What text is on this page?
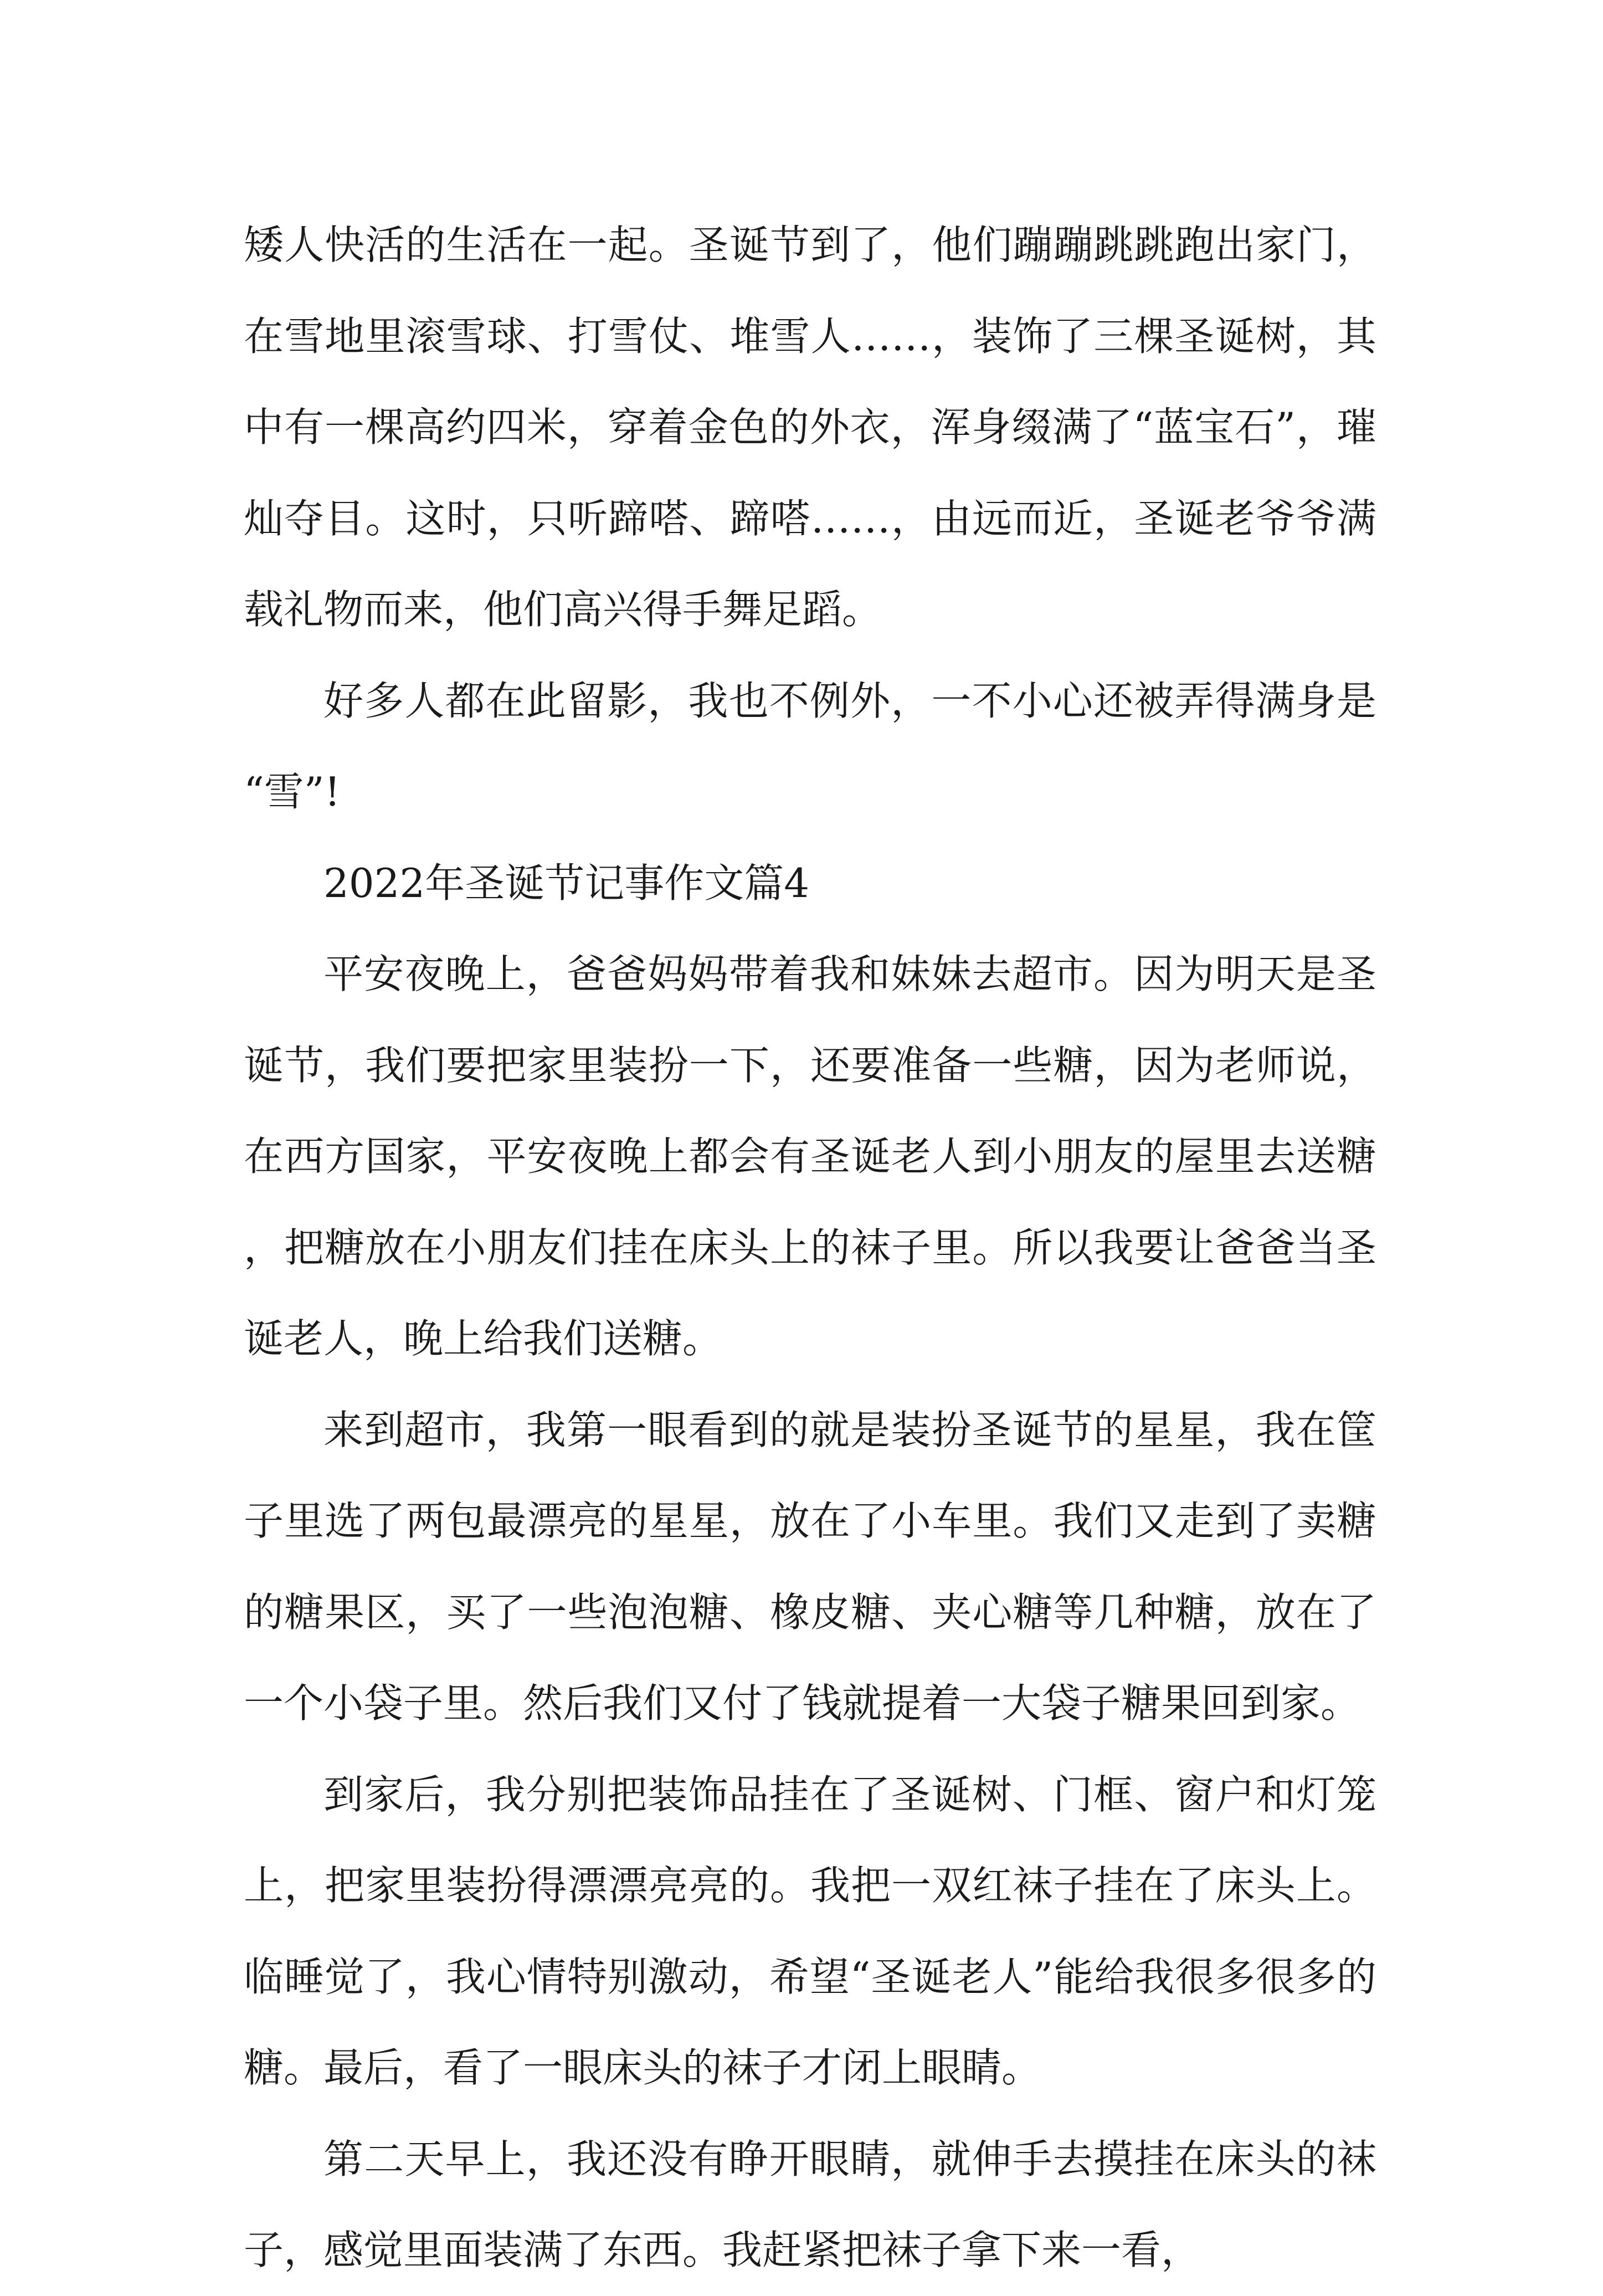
矮人快活的生活在一起。圣诞节到了，他们蹦蹦跳跳跑出家门，在雪地里滚雪球、打雪仗、堆雪人……，装饰了三棵圣诞树，其中有一棵高约四米，穿着金色的外衣，浑身缀满了“蓝宝石”，璀灿夺目。这时，只听蹄嗒、蹄嗒……，由远而近，圣诞老爷爷满载礼物而来，他们高兴得手舞足蹈。

好多人都在此留影，我也不例外，一不小心还被弄得满身是“雪”!

2022年圣诞节记事作文篇4

平安夜晚上，爸爸妈妈带着我和妹妹去超市。因为明天是圣诞节，我们要把家里装扮一下，还要准备一些糖，因为老师说，在西方国家，平安夜晚上都会有圣诞老人到小朋友的屋里去送糖，把糖放在小朋友们挂在床头上的袜子里。所以我要让爸爸当圣诞老人，晚上给我们送糖。

来到超市，我第一眼看到的就是装扮圣诞节的星星，我在筐子里选了两包最漂亮的星星，放在了小车里。我们又走到了卖糖的糖果区，买了一些泡泡糖、橡皮糖、夹心糖等几种糖，放在了一个小袋子里。然后我们又付了钱就提着一大袋子糖果回到家。

到家后，我分别把装饰品挂在了圣诞树、门框、窗户和灯笼上，把家里装扮得漂漂亮亮的。我把一双红袜子挂在了床头上。临睡觉了，我心情特别激动，希望“圣诞老人”能给我很多很多的糖。最后，看了一眼床头的袜子才闭上眼睛。

第二天早上，我还没有睁开眼睛，就伸手去摸挂在床头的袜子，感觉里面装满了东西。我赶紧把袜子拿下来一看，
